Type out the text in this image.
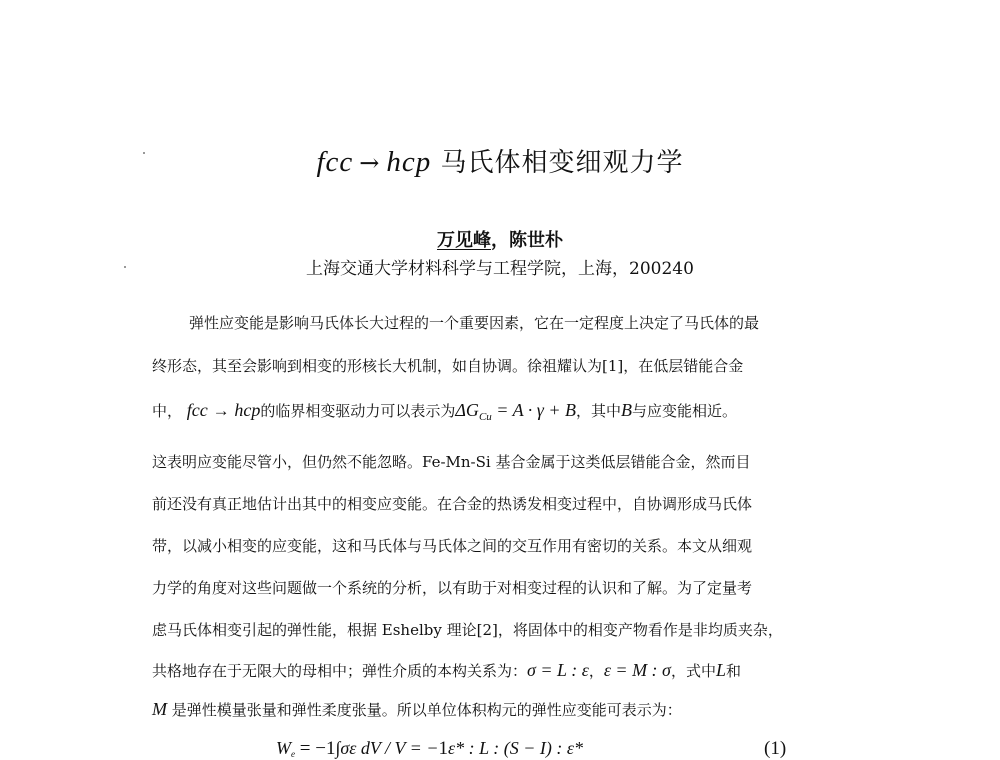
fcc → hcp 马氏体相变细观力学
万见峰，陈世朴
上海交通大学材料科学与工程学院，上海，200240
弹性应变能是影响马氏体长大过程的一个重要因素，它在一定程度上决定了马氏体的最
终形态，其至会影响到相变的形核长大机制，如自协调。徐祖耀认为[1]，在低层错能合金
中， fcc → hcp的临界相变驱动力可以表示为$\Delta G_{Cu} = A \cdot \gamma + B$，其中B与应变能相近。
这表明应变能尽管小，但仍然不能忽略。Fe-Mn-Si 基合金属于这类低层错能合金，然而目
前还没有真正地估计出其中的相变应变能。在合金的热诱发相变过程中，自协调形成马氏体
带，以减小相变的应变能，这和马氏体与马氏体之间的交互作用有密切的关系。本文从细观
力学的角度对这些问题做一个系统的分析，以有助于对相变过程的认识和了解。为了定量考
虑马氏体相变引起的弹性能，根据 Eshelby 理论[2]，将固体中的相变产物看作是非均质夹杂，
共格地存在于无限大的母相中；弹性介质的本构关系为：σ = L : ε，ε = M : σ，式中L和
M 是弹性模量张量和弹性柔度张量。所以单位体积构元的弹性应变能可表示为：
We = −1∫σε dV / V = −1ε* : L : (S − I) : ε*	(1)
